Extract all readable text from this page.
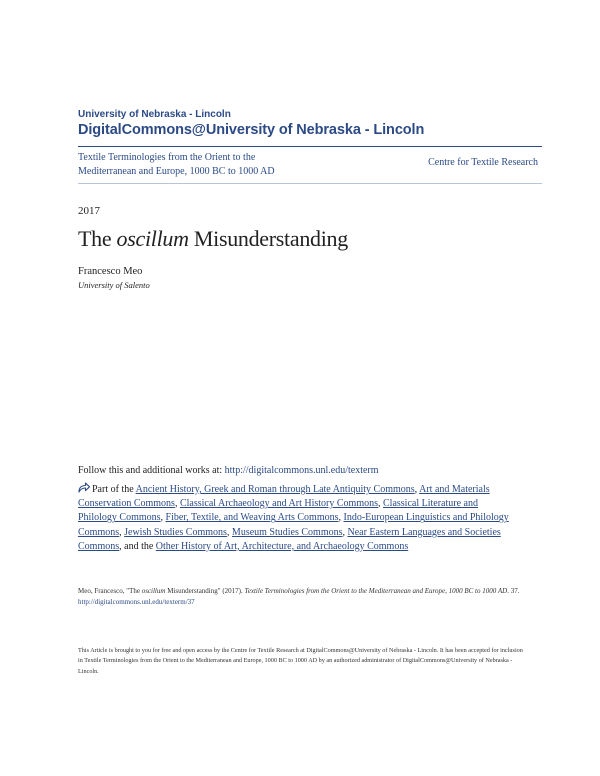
University of Nebraska - Lincoln
DigitalCommons@University of Nebraska - Lincoln
Textile Terminologies from the Orient to the
Mediterranean and Europe, 1000 BC to 1000 AD
Centre for Textile Research
2017
The oscillum Misunderstanding
Francesco Meo
University of Salento
Follow this and additional works at: http://digitalcommons.unl.edu/texterm
Part of the Ancient History, Greek and Roman through Late Antiquity Commons, Art and Materials Conservation Commons, Classical Archaeology and Art History Commons, Classical Literature and Philology Commons, Fiber, Textile, and Weaving Arts Commons, Indo-European Linguistics and Philology Commons, Jewish Studies Commons, Museum Studies Commons, Near Eastern Languages and Societies Commons, and the Other History of Art, Architecture, and Archaeology Commons
Meo, Francesco, "The oscillum Misunderstanding" (2017). Textile Terminologies from the Orient to the Mediterranean and Europe, 1000 BC to 1000 AD. 37.
http://digitalcommons.unl.edu/texterm/37
This Article is brought to you for free and open access by the Centre for Textile Research at DigitalCommons@University of Nebraska - Lincoln. It has been accepted for inclusion in Textile Terminologies from the Orient to the Mediterranean and Europe, 1000 BC to 1000 AD by an authorized administrator of DigitalCommons@University of Nebraska - Lincoln.
